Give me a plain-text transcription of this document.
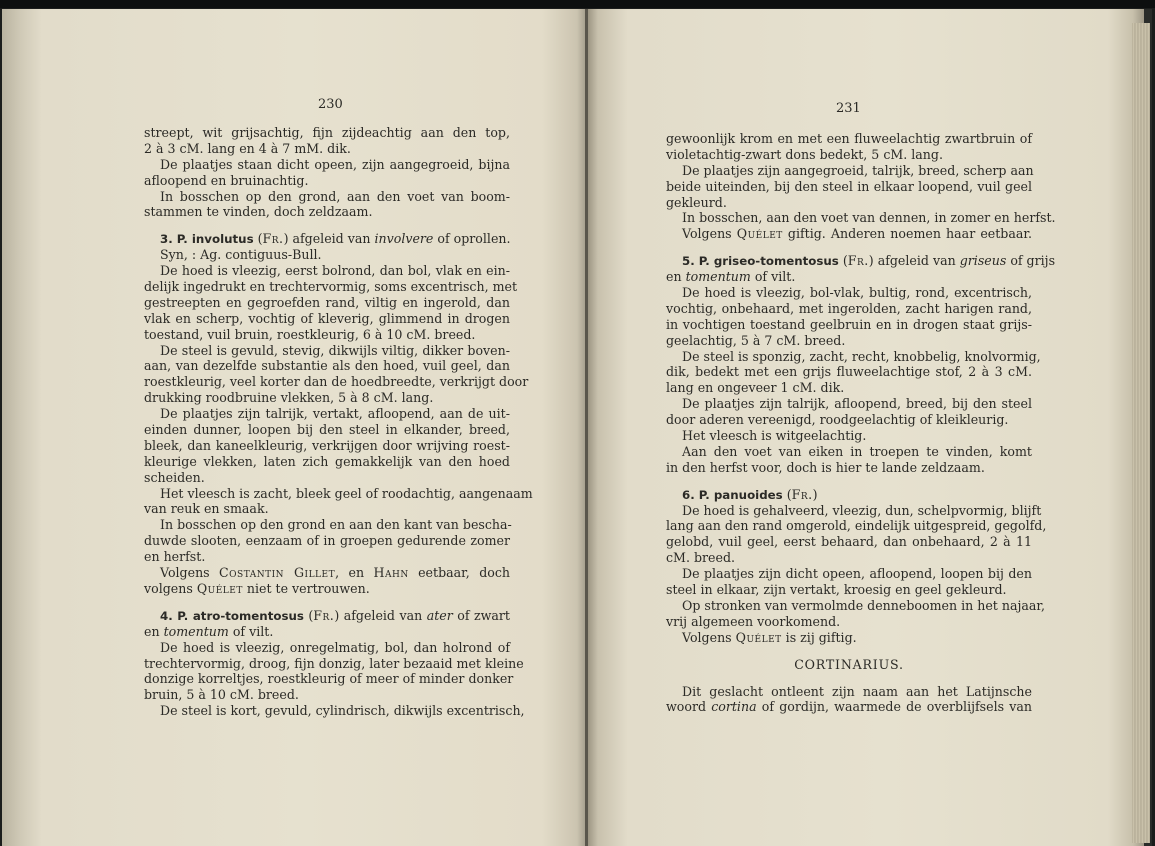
230	231
streept, wit grijsachtig, fijn zijdeachtig aan den top,
2 à 3 cM. lang en 4 à 7 mM. dik.
De plaatjes staan dicht opeen, zijn aangegroeid, bijna
afloopend en bruinachtig.
In bosschen op den grond, aan den voet van boom-
stammen te vinden, doch zeldzaam.
3. P. involutus (Fr.) afgeleid van involvere of oprollen.
Syn, : Ag. contiguus-Bull.
De hoed is vleezig, eerst bolrond, dan bol, vlak en ein-
delijk ingedrukt en trechtervormig, soms excentrisch, met
gestreepten en gegroefden rand, viltig en ingerold, dan
vlak en scherp, vochtig of kleverig, glimmend in drogen
toestand, vuil bruin, roestkleurig, 6 à 10 cM. breed.
De steel is gevuld, stevig, dikwijls viltig, dikker boven-
aan, van dezelfde substantie als den hoed, vuil geel, dan
roestkleurig, veel korter dan de hoedbreedte, verkrijgt door
drukking roodbruine vlekken, 5 à 8 cM. lang.
De plaatjes zijn talrijk, vertakt, afloopend, aan de uit-
einden dunner, loopen bij den steel in elkander, breed,
bleek, dan kaneelkleurig, verkrijgen door wrijving roest-
kleurige vlekken, laten zich gemakkelijk van den hoed
scheiden.
Het vleesch is zacht, bleek geel of roodachtig, aangenaam
van reuk en smaak.
In bosschen op den grond en aan den kant van bescha-
duwde slooten, eenzaam of in groepen gedurende zomer
en herfst.
Volgens Costantin Gillet, en Hahn eetbaar, doch
volgens Quélet niet te vertrouwen.
4. P. atro-tomentosus (Fr.) afgeleid van ater of zwart
en tomentum of vilt.
De hoed is vleezig, onregelmatig, bol, dan holrond of
trechtervormig, droog, fijn donzig, later bezaaid met kleine
donzige korreltjes, roestkleurig of meer of minder donker
bruin, 5 à 10 cM. breed.
De steel is kort, gevuld, cylindrisch, dikwijls excentrisch,
gewoonlijk krom en met een fluweelachtig zwartbruin of
violetachtig-zwart dons bedekt, 5 cM. lang.
De plaatjes zijn aangegroeid, talrijk, breed, scherp aan
beide uiteinden, bij den steel in elkaar loopend, vuil geel
gekleurd.
In bosschen, aan den voet van dennen, in zomer en herfst.
Volgens Quélet giftig. Anderen noemen haar eetbaar.
5. P. griseo-tomentosus (Fr.) afgeleid van griseus of grijs
en tomentum of vilt.
De hoed is vleezig, bol-vlak, bultig, rond, excentrisch,
vochtig, onbehaard, met ingerolden, zacht harigen rand,
in vochtigen toestand geelbruin en in drogen staat grijs-
geelachtig, 5 à 7 cM. breed.
De steel is sponzig, zacht, recht, knobbelig, knolvormig,
dik, bedekt met een grijs fluweelachtige stof, 2 à 3 cM.
lang en ongeveer 1 cM. dik.
De plaatjes zijn talrijk, afloopend, breed, bij den steel
door aderen vereenigd, roodgeelachtig of kleikleurig.
Het vleesch is witgeelachtig.
Aan den voet van eiken in troepen te vinden, komt
in den herfst voor, doch is hier te lande zeldzaam.
6. P. panuoides (Fr.)
De hoed is gehalveerd, vleezig, dun, schelpvormig, blijft
lang aan den rand omgerold, eindelijk uitgespreid, gegolfd,
gelobd, vuil geel, eerst behaard, dan onbehaard, 2 à 11
cM. breed.
De plaatjes zijn dicht opeen, afloopend, loopen bij den
steel in elkaar, zijn vertakt, kroesig en geel gekleurd.
Op stronken van vermolmde denneboomen in het najaar,
vrij algemeen voorkomend.
Volgens Quélet is zij giftig.
CORTINARIUS.
Dit geslacht ontleent zijn naam aan het Latijnsche
woord cortina of gordijn, waarmede de overblijfsels van
